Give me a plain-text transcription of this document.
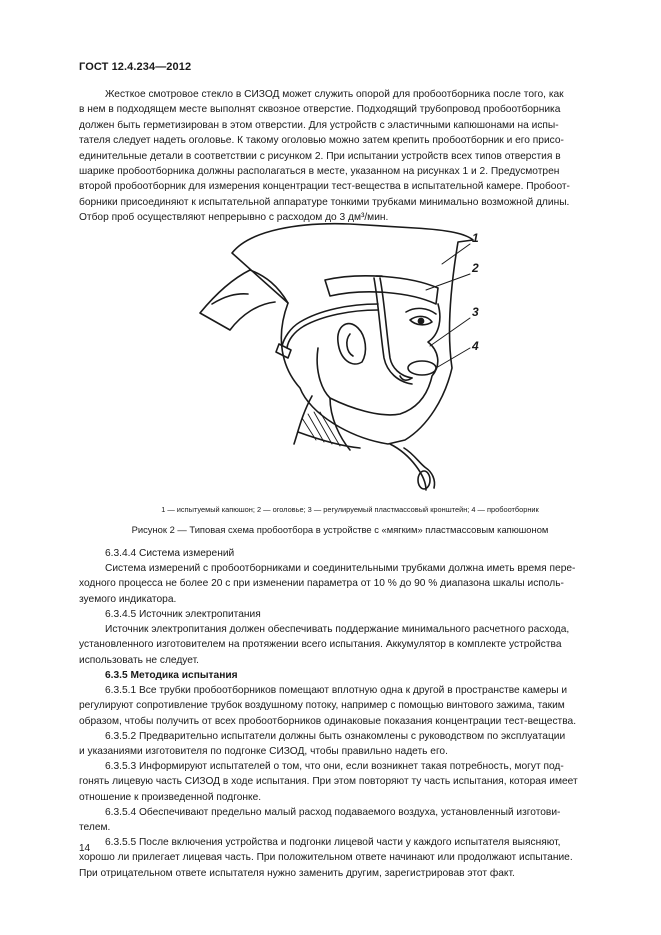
ГОСТ 12.4.234—2012
Жесткое смотровое стекло в СИЗОД может служить опорой для пробоотборника после того, как
в нем в подходящем месте выполнят сквозное отверстие. Подходящий трубопровод пробоотборника
должен быть герметизирован в этом отверстии. Для устройств с эластичными капюшонами на испы-
тателя следует надеть оголовье. К такому оголовью можно затем крепить пробоотборник и его присо-
единительные детали в соответствии с рисунком 2. При испытании устройств всех типов отверстия в
шарике пробоотборника должны располагаться в месте, указанном на рисунках 1 и 2. Предусмотрен
второй пробоотборник для измерения концентрации тест-вещества в испытательной камере. Пробоот-
борники присоединяют к испытательной аппаратуре тонкими трубками минимально возможной длины.
Отбор проб осуществляют непрерывно с расходом до 3 дм³/мин.
1
2
3
4
1 — испытуемый капюшон; 2 — оголовье; 3 — регулируемый пластмассовый кронштейн; 4 — пробоотборник
Рисунок 2 — Типовая схема пробоотбора в устройстве с «мягким» пластмассовым капюшоном
6.3.4.4 Система измерений
Система измерений с пробоотборниками и соединительными трубками должна иметь время пере-
ходного процесса не более 20 с при изменении параметра от 10 % до 90 % диапазона шкалы исполь-
зуемого индикатора.
6.3.4.5 Источник электропитания
Источник электропитания должен обеспечивать поддержание минимального расчетного расхода,
установленного изготовителем на протяжении всего испытания. Аккумулятор в комплекте устройства
использовать не следует.
6.3.5 Методика испытания
6.3.5.1 Все трубки пробоотборников помещают вплотную одна к другой в пространстве камеры и
регулируют сопротивление трубок воздушному потоку, например с помощью винтового зажима, таким
образом, чтобы получить от всех пробоотборников одинаковые показания концентрации тест-вещества.
6.3.5.2 Предварительно испытатели должны быть ознакомлены с руководством по эксплуатации
и указаниями изготовителя по подгонке СИЗОД, чтобы правильно надеть его.
6.3.5.3 Информируют испытателей о том, что они, если возникнет такая потребность, могут под-
гонять лицевую часть СИЗОД в ходе испытания. При этом повторяют ту часть испытания, которая имеет
отношение к произведенной подгонке.
6.3.5.4 Обеспечивают предельно малый расход подаваемого воздуха, установленный изготови-
телем.
6.3.5.5 После включения устройства и подгонки лицевой части у каждого испытателя выясняют,
хорошо ли прилегает лицевая часть. При положительном ответе начинают или продолжают испытание.
При отрицательном ответе испытателя нужно заменить другим, зарегистрировав этот факт.
14
